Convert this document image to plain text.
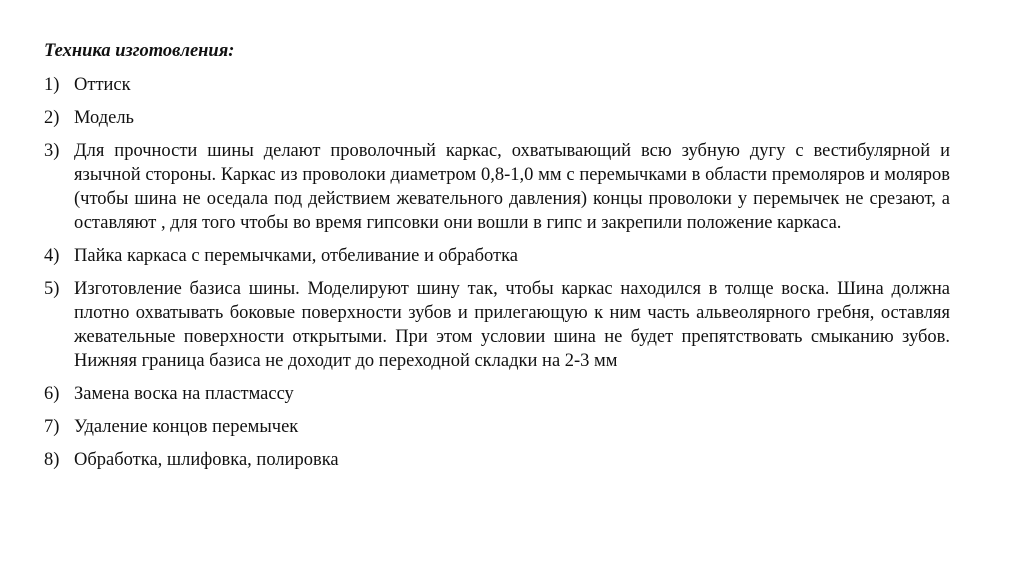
Техника изготовления:

1) Оттиск
2) Модель
3) Для прочности шины делают проволочный каркас, охватывающий всю зубную дугу с вестибулярной и язычной стороны. Каркас из проволоки диаметром 0,8-1,0 мм с перемычками в области премоляров и моляров (чтобы шина не оседала под действием жевательного давления) концы проволоки у перемычек не срезают, а оставляют , для того чтобы во время гипсовки они вошли в гипс и закрепили положение каркаса.
4) Пайка каркаса с перемычками, отбеливание и обработка
5) Изготовление базиса шины. Моделируют шину так, чтобы каркас находился в толще воска. Шина должна плотно охватывать боковые поверхности зубов и прилегающую к ним часть альвеолярного гребня, оставляя жевательные поверхности открытыми. При этом условии шина не будет препятствовать смыканию зубов. Нижняя граница базиса не доходит до переходной складки на 2-3 мм
6) Замена воска на пластмассу
7) Удаление концов перемычек
8) Обработка, шлифовка, полировка
